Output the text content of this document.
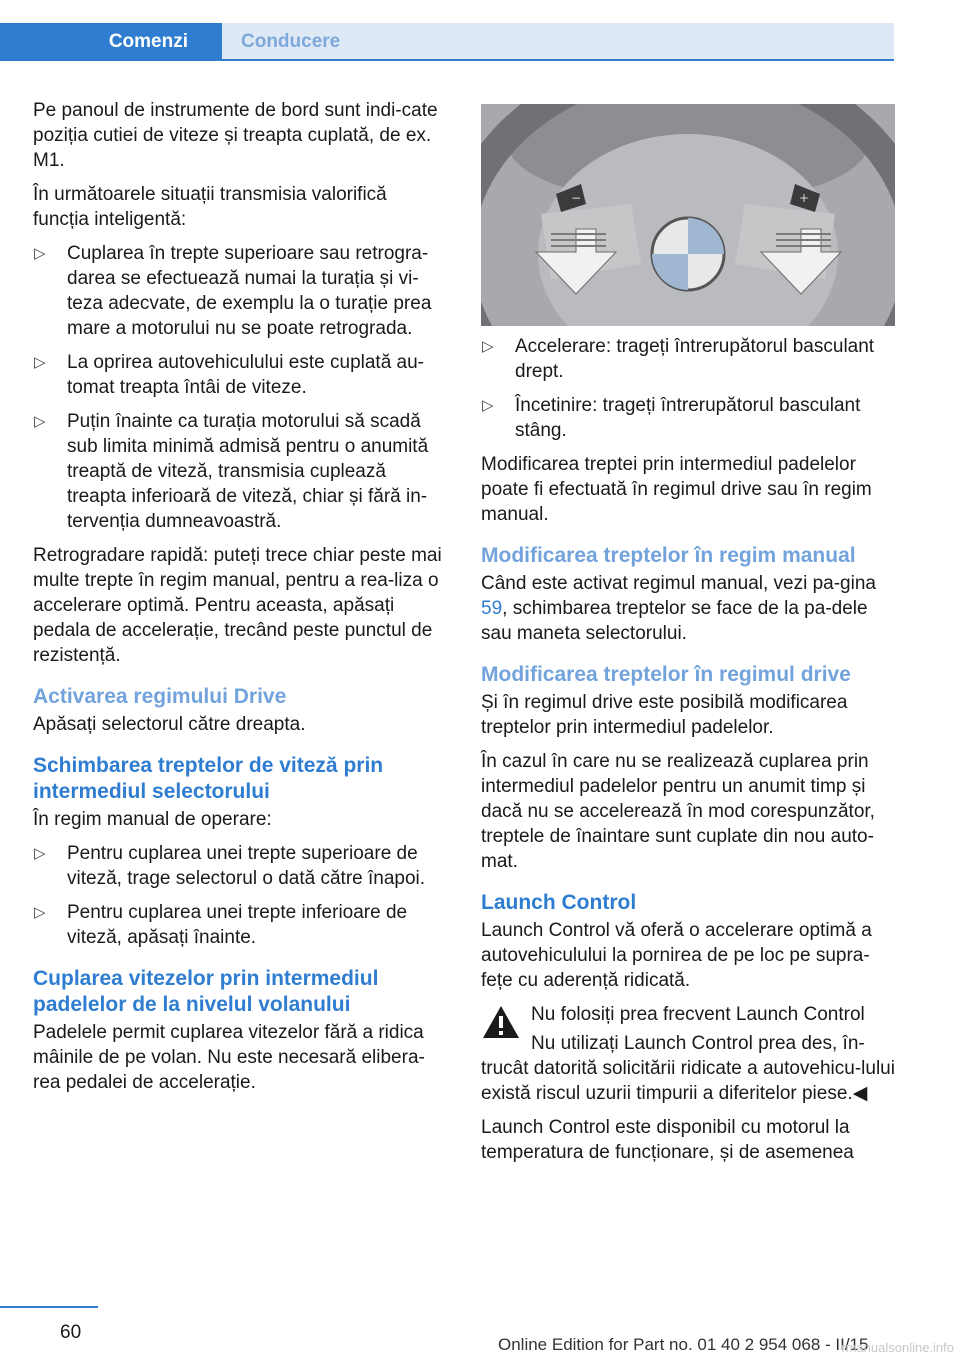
Comenzi	Conducere

Pe panoul de instrumente de bord sunt indi-cate poziția cutiei de viteze și treapta cuplată, de ex. M1.

În următoarele situații transmisia valorifică funcția inteligentă:

▷ Cuplarea în trepte superioare sau retrogra-darea se efectuează numai la turația și vi-teza adecvate, de exemplu la o turație prea mare a motorului nu se poate retrograda.
▷ La oprirea autovehiculului este cuplată au-tomat treapta întâi de viteze.
▷ Puțin înainte ca turația motorului să scadă sub limita minimă admisă pentru o anumită treaptă de viteză, transmisia cuplează treapta inferioară de viteză, chiar și fără in-tervenția dumneavoastră.

Retrogradare rapidă: puteți trece chiar peste mai multe trepte în regim manual, pentru a rea-liza o accelerare optimă. Pentru aceasta, apăsați pedala de accelerație, trecând peste punctul de rezistență.

Activarea regimului Drive

Apăsați selectorul către dreapta.

Schimbarea treptelor de viteză prin intermediul selectorului

În regim manual de operare:

▷ Pentru cuplarea unei trepte superioare de viteză, trage selectorul o dată către înapoi.
▷ Pentru cuplarea unei trepte inferioare de viteză, apăsați înainte.
Cuplarea vitezelor prin intermediul padelelor de la nivelul volanului

Padelele permit cuplarea vitezelor fără a ridica mâinile de pe volan. Nu este necesară elibera-rea pedalei de accelerație.

−	+
▷ Accelerare: trageți întrerupătorul basculant drept.
▷ Încetinire: trageți întrerupătorul basculant stâng.

Modificarea treptei prin intermediul padelelor poate fi efectuată în regimul drive sau în regim manual.

Modificarea treptelor în regim manual

Când este activat regimul manual, vezi pa-gina 59, schimbarea treptelor se face de la pa-dele sau maneta selectorului.

Modificarea treptelor în regimul drive

Și în regimul drive este posibilă modificarea treptelor prin intermediul padelelor.

În cazul în care nu se realizează cuplarea prin intermediul padelelor pentru un anumit timp și dacă nu se accelerează în mod corespunzător, treptele de înaintare sunt cuplate din nou auto-mat.

Launch Control

Launch Control vă oferă o accelerare optimă a autovehiculului la pornirea de pe loc pe supra-fețe cu aderență ridicată.

Nu folosiți prea frecvent Launch Control

Nu utilizați Launch Control prea des, în-trucât datorită solicitării ridicate a autovehicu-lului există riscul uzurii timpurii a diferitelor piese.◀

Launch Control este disponibil cu motorul la temperatura de funcționare, și de asemenea

60
Online Edition for Part no. 01 40 2 954 068 - II/15
rmanualsonline.info
